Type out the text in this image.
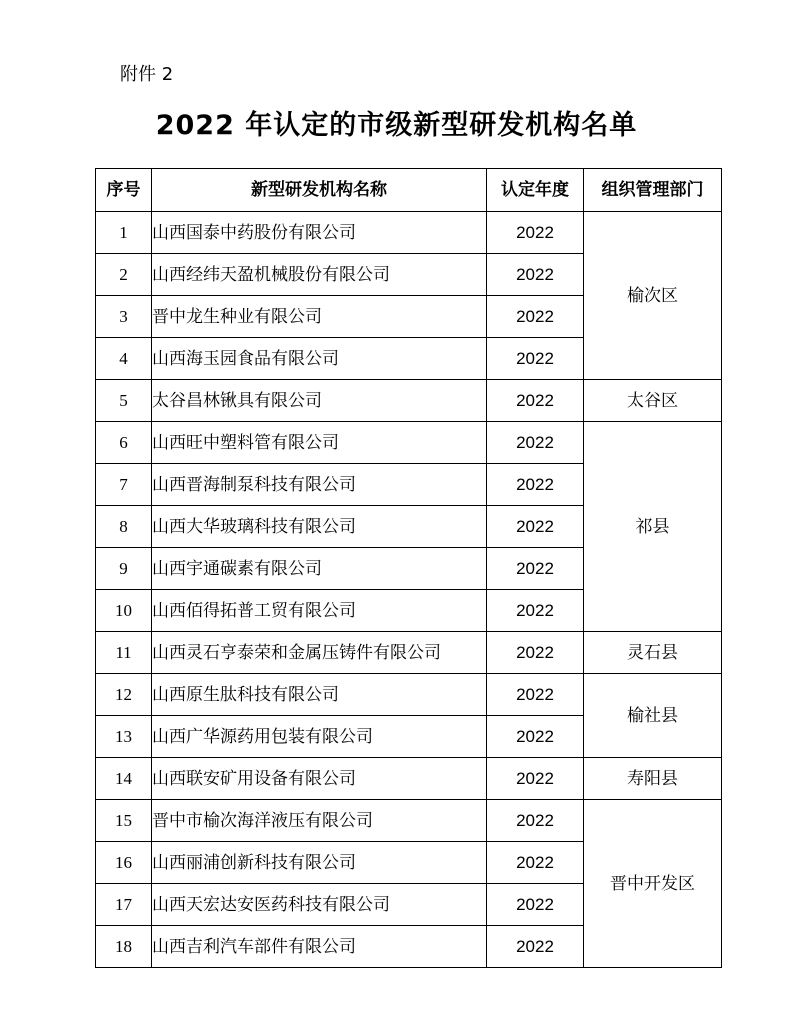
附件 2
2022 年认定的市级新型研发机构名单
序号	新型研发机构名称	认定年度	组织管理部门
1	山西国泰中药股份有限公司	2022	榆次区
2	山西经纬天盈机械股份有限公司	2022	
3	晋中龙生种业有限公司	2022	
4	山西海玉园食品有限公司	2022	
5	太谷昌林锹具有限公司	2022	太谷区
6	山西旺中塑料管有限公司	2022	祁县
7	山西晋海制泵科技有限公司	2022	
8	山西大华玻璃科技有限公司	2022	
9	山西宇通碳素有限公司	2022	
10	山西佰得拓普工贸有限公司	2022	
11	山西灵石亨泰荣和金属压铸件有限公司	2022	灵石县
12	山西原生肽科技有限公司	2022	榆社县
13	山西广华源药用包装有限公司	2022	
14	山西联安矿用设备有限公司	2022	寿阳县
15	晋中市榆次海洋液压有限公司	2022	晋中开发区
16	山西丽浦创新科技有限公司	2022	
17	山西天宏达安医药科技有限公司	2022	
18	山西吉利汽车部件有限公司	2022	
